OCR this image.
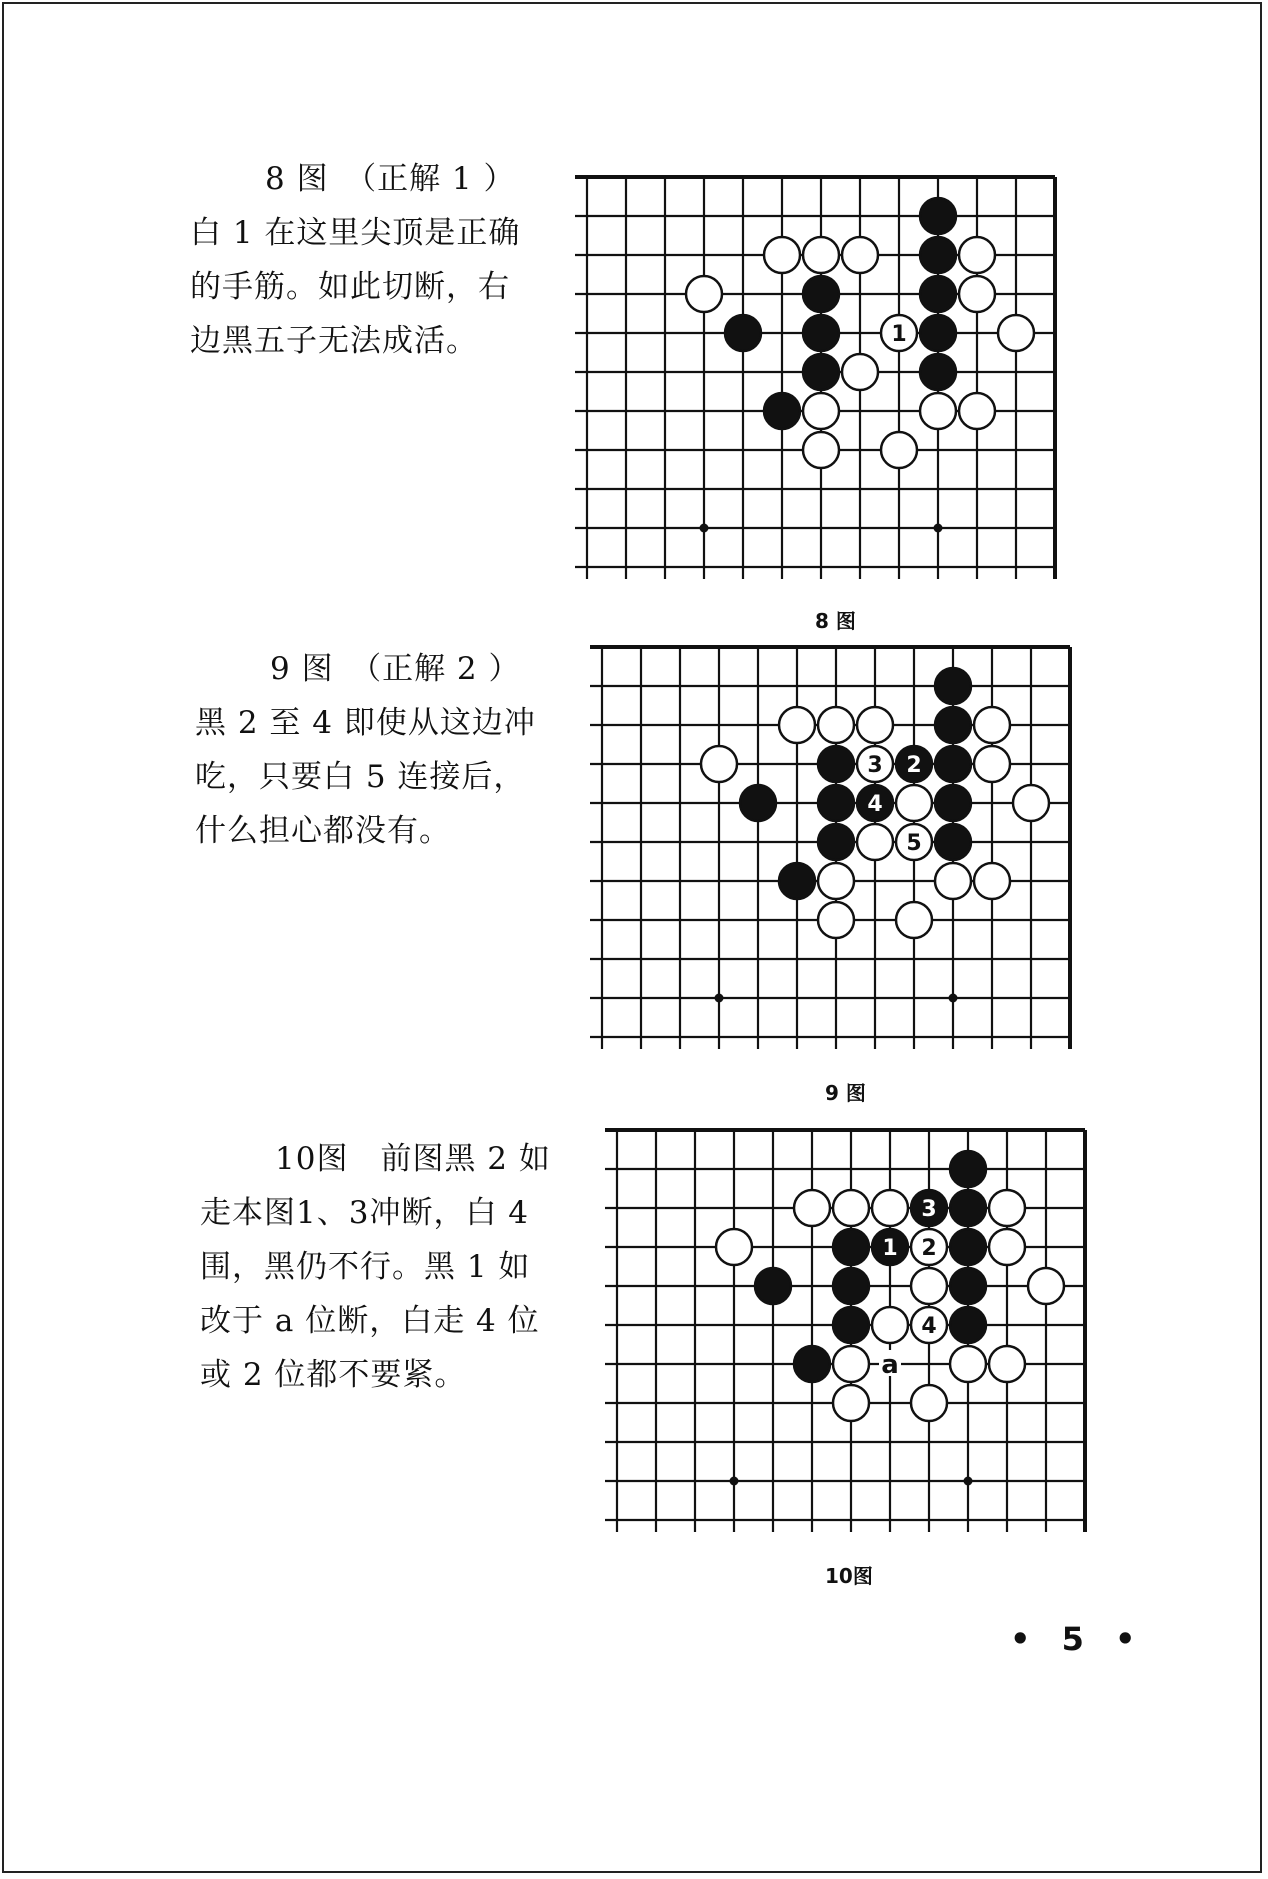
8 图　（正解 1 ）
白 1 在这里尖顶是正确
的手筋。如此切断，右
边黑五子无法成活。	1
8 图
9 图　（正解 2 ）
黑 2 至 4 即使从这边冲
吃，只要白 5 连接后，
什么担心都没有。
3 2
4
5
9 图
10图　前图黑 2 如
走本图1、3冲断，白 4
围，黑仍不行。黑 1 如
改于 a 位断，白走 4 位
或 2 位都不要紧。
3
1 2
4
a
10图
• 5 •
